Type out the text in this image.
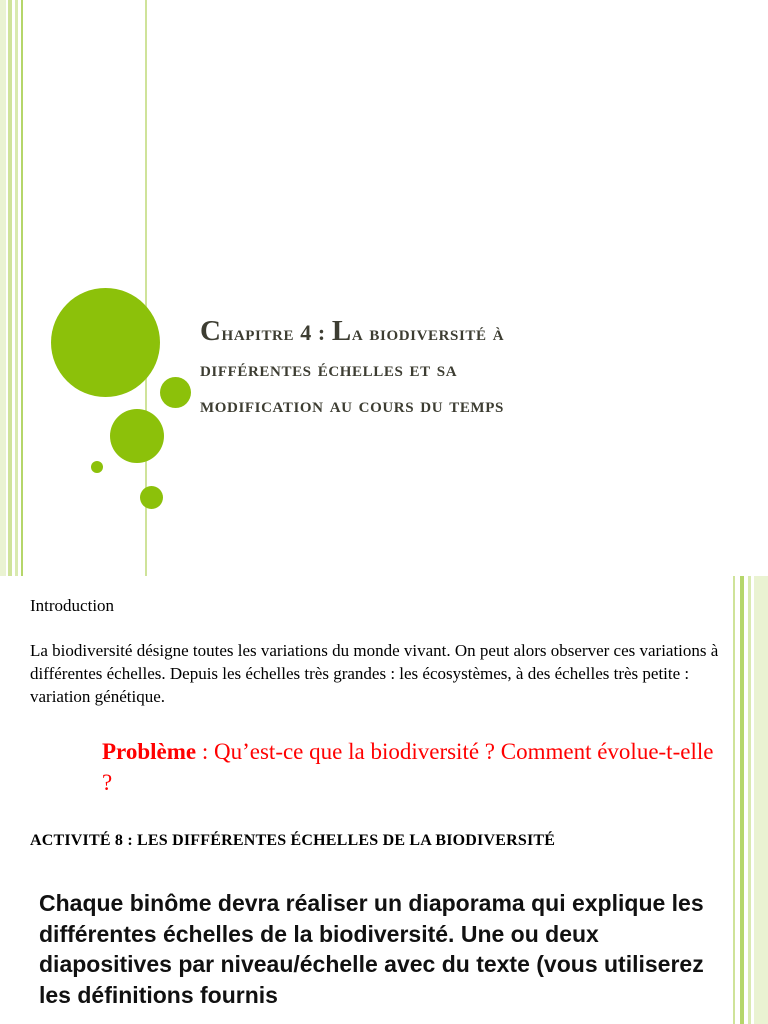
Chapitre 4 : La biodiversité à
différentes échelles et sa
modification au cours du temps
Introduction
La biodiversité désigne toutes les variations du monde vivant. On peut alors observer ces variations à différentes échelles. Depuis les échelles très grandes : les écosystèmes, à des échelles très petite : variation génétique.
Problème : Qu’est-ce que la biodiversité ? Comment évolue-t-elle ?
ACTIVITÉ 8 : LES DIFFÉRENTES ÉCHELLES DE LA BIODIVERSITÉ
Chaque binôme devra réaliser un diaporama qui explique les différentes échelles de la biodiversité. Une ou deux diapositives par niveau/échelle avec du texte (vous utiliserez les définitions fournis
